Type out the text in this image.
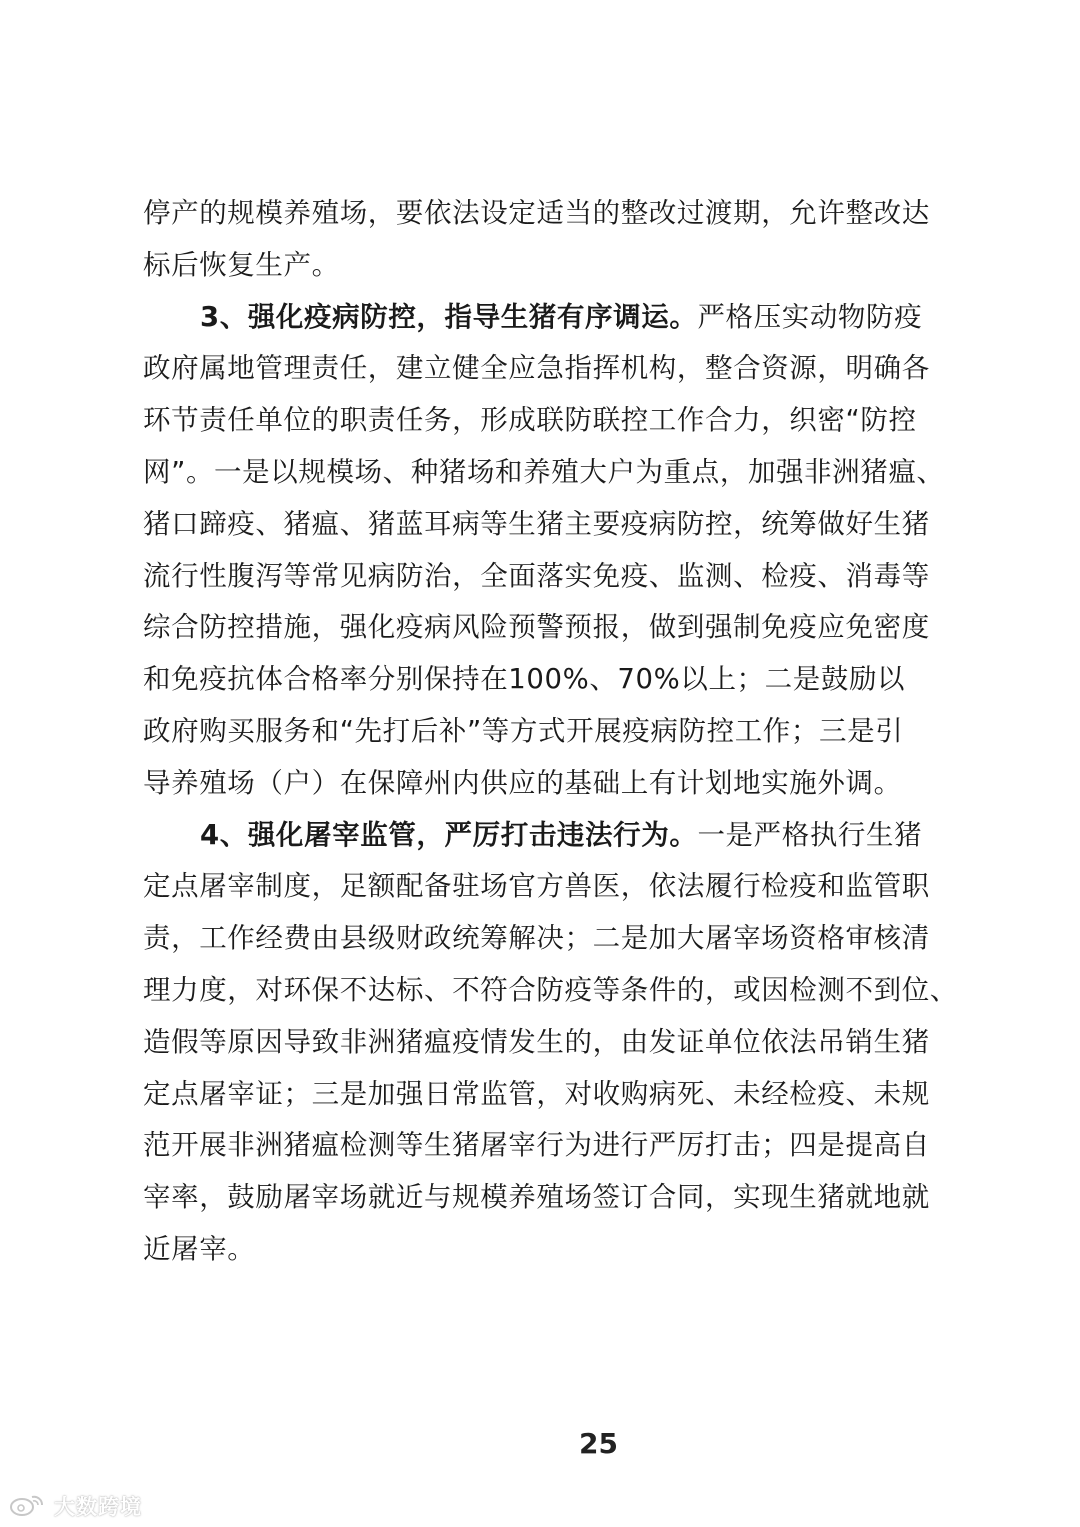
停产的规模养殖场，要依法设定适当的整改过渡期，允许整改达
标后恢复生产。
3、强化疫病防控，指导生猪有序调运。严格压实动物防疫
政府属地管理责任，建立健全应急指挥机构，整合资源，明确各
环节责任单位的职责任务，形成联防联控工作合力，织密“防控
网”。一是以规模场、种猪场和养殖大户为重点，加强非洲猪瘟、
猪口蹄疫、猪瘟、猪蓝耳病等生猪主要疫病防控，统筹做好生猪
流行性腹泻等常见病防治，全面落实免疫、监测、检疫、消毒等
综合防控措施，强化疫病风险预警预报，做到强制免疫应免密度
和免疫抗体合格率分别保持在100%、70%以上；二是鼓励以
政府购买服务和“先打后补”等方式开展疫病防控工作；三是引
导养殖场（户）在保障州内供应的基础上有计划地实施外调。
4、强化屠宰监管，严厉打击违法行为。一是严格执行生猪
定点屠宰制度，足额配备驻场官方兽医，依法履行检疫和监管职
责，工作经费由县级财政统筹解决；二是加大屠宰场资格审核清
理力度，对环保不达标、不符合防疫等条件的，或因检测不到位、
造假等原因导致非洲猪瘟疫情发生的，由发证单位依法吊销生猪
定点屠宰证；三是加强日常监管，对收购病死、未经检疫、未规
范开展非洲猪瘟检测等生猪屠宰行为进行严厉打击；四是提高自
宰率，鼓励屠宰场就近与规模养殖场签订合同，实现生猪就地就
近屠宰。
25
大数跨境
